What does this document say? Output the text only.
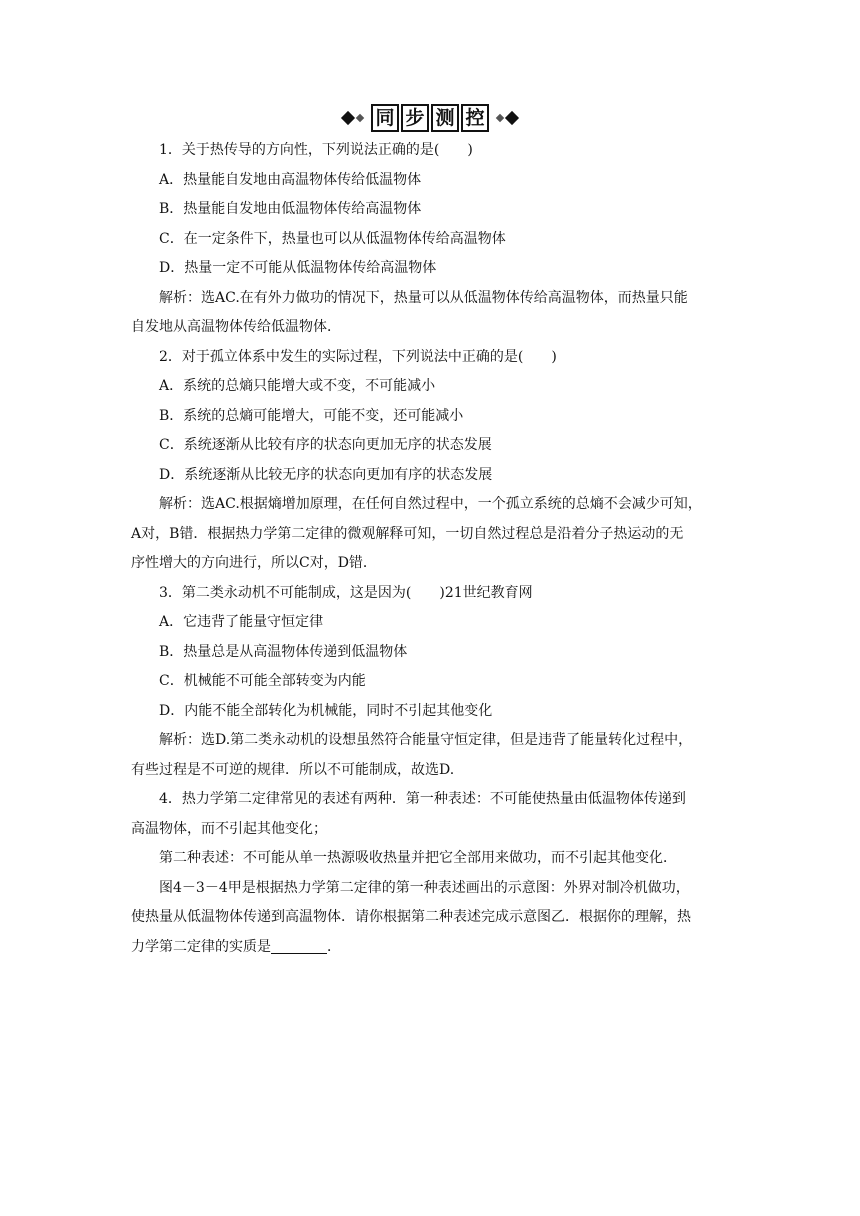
同 步 测 控

1．关于热传导的方向性，下列说法正确的是(　　)

A．热量能自发地由高温物体传给低温物体

B．热量能自发地由低温物体传给高温物体

C．在一定条件下，热量也可以从低温物体传给高温物体

D．热量一定不可能从低温物体传给高温物体

解析：选AC.在有外力做功的情况下，热量可以从低温物体传给高温物体，而热量只能

自发地从高温物体传给低温物体．

2．对于孤立体系中发生的实际过程，下列说法中正确的是(　　)

A．系统的总熵只能增大或不变，不可能减小

B．系统的总熵可能增大，可能不变，还可能减小

C．系统逐渐从比较有序的状态向更加无序的状态发展

D．系统逐渐从比较无序的状态向更加有序的状态发展

解析：选AC.根据熵增加原理，在任何自然过程中，一个孤立系统的总熵不会减少可知，

A对，B错．根据热力学第二定律的微观解释可知，一切自然过程总是沿着分子热运动的无

序性增大的方向进行，所以C对，D错．

3．第二类永动机不可能制成，这是因为(　　)21世纪教育网

A．它违背了能量守恒定律

B．热量总是从高温物体传递到低温物体

C．机械能不可能全部转变为内能

D．内能不能全部转化为机械能，同时不引起其他变化

解析：选D.第二类永动机的设想虽然符合能量守恒定律，但是违背了能量转化过程中，

有些过程是不可逆的规律．所以不可能制成，故选D.

4．热力学第二定律常见的表述有两种．第一种表述：不可能使热量由低温物体传递到

高温物体，而不引起其他变化；

第二种表述：不可能从单一热源吸收热量并把它全部用来做功，而不引起其他变化．

图4－3－4甲是根据热力学第二定律的第一种表述画出的示意图：外界对制冷机做功，

使热量从低温物体传递到高温物体．请你根据第二种表述完成示意图乙．根据你的理解，热

力学第二定律的实质是	．
